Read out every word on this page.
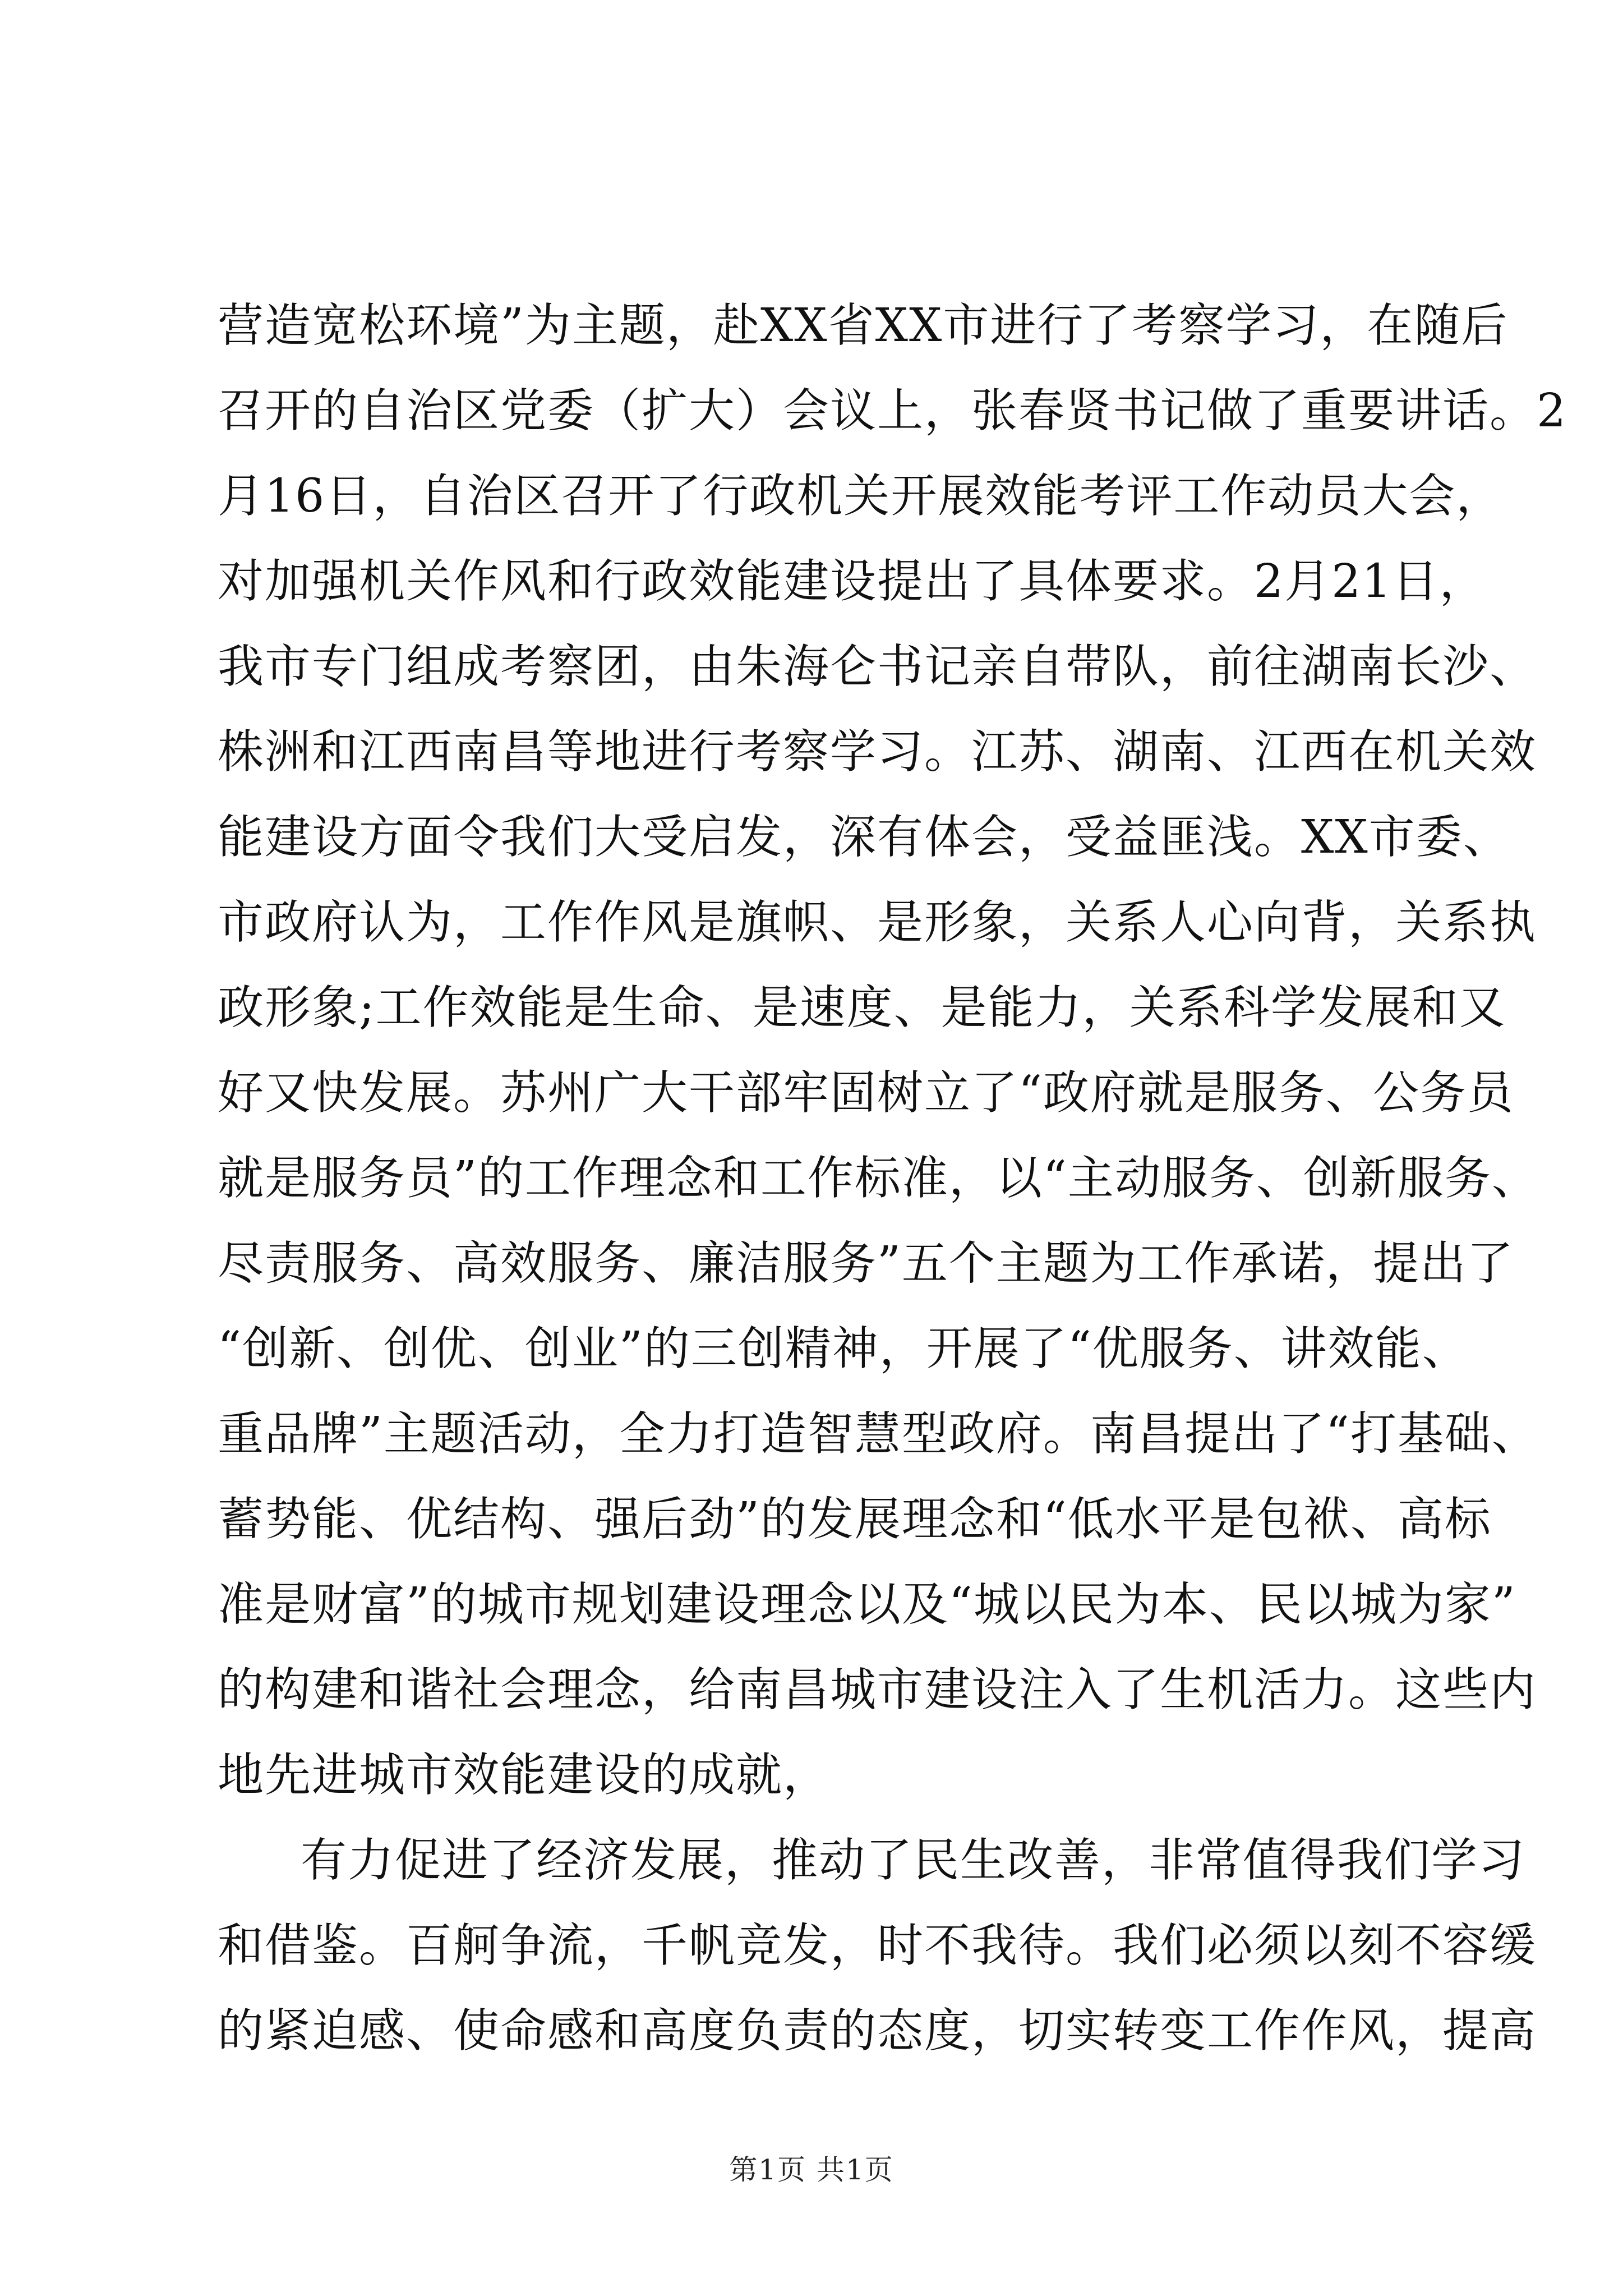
营造宽松环境”为主题，赴XX省XX市进行了考察学习，在随后
召开的自治区党委（扩大）会议上，张春贤书记做了重要讲话。2
月16日，自治区召开了行政机关开展效能考评工作动员大会，
对加强机关作风和行政效能建设提出了具体要求。2月21日，
我市专门组成考察团，由朱海仑书记亲自带队，前往湖南长沙、
株洲和江西南昌等地进行考察学习。江苏、湖南、江西在机关效
能建设方面令我们大受启发，深有体会，受益匪浅。XX市委、
市政府认为，工作作风是旗帜、是形象，关系人心向背，关系执
政形象;工作效能是生命、是速度、是能力，关系科学发展和又
好又快发展。苏州广大干部牢固树立了“政府就是服务、公务员
就是服务员”的工作理念和工作标准，以“主动服务、创新服务、
尽责服务、高效服务、廉洁服务”五个主题为工作承诺，提出了
“创新、创优、创业”的三创精神，开展了“优服务、讲效能、
重品牌”主题活动，全力打造智慧型政府。南昌提出了“打基础、
蓄势能、优结构、强后劲”的发展理念和“低水平是包袱、高标
准是财富”的城市规划建设理念以及“城以民为本、民以城为家”
的构建和谐社会理念，给南昌城市建设注入了生机活力。这些内
地先进城市效能建设的成就，
有力促进了经济发展，推动了民生改善，非常值得我们学习
和借鉴。百舸争流，千帆竞发，时不我待。我们必须以刻不容缓
的紧迫感、使命感和高度负责的态度，切实转变工作作风，提高
第1页 共1页
